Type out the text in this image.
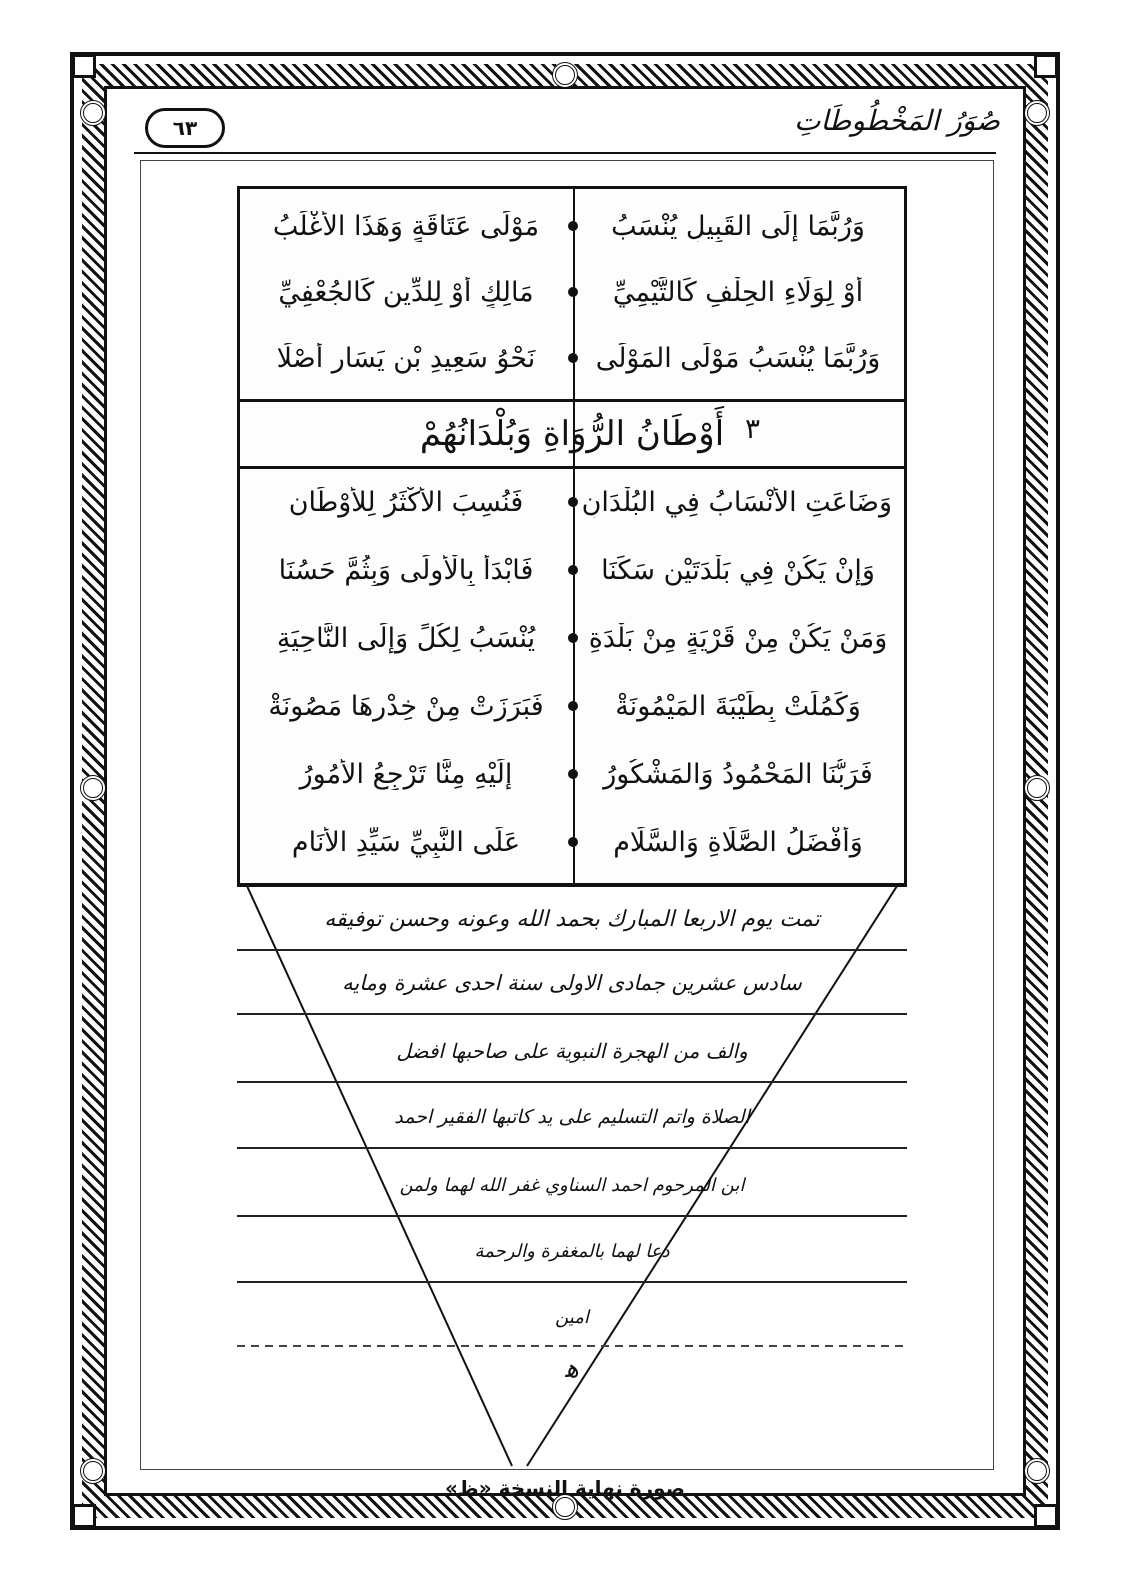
٦٣	صُوَرُ المَخْطُوطَاتِ
وَرُبَّمَا إِلَى القَبِيلِ يُنْسَبُ
مَوْلَى عَتَاقَةٍ وَهَذَا الأَغْلَبُ
أَوْ لِوَلَاءِ الحِلْفِ كَالتَّيْمِيِّ
مَالِكٍ أَوْ لِلدِّينِ كَالجُعْفِيِّ
وَرُبَّمَا يُنْسَبُ مَوْلَى المَوْلَى
نَحْوُ سَعِيدِ بْنِ يَسَارٍ أَصْلَا
أَوْطَانُ الرُّوَاةِ وَبُلْدَانُهُمْ ٣
وَضَاعَتِ الأَنْسَابُ فِي البُلْدَانِ
فَنُسِبَ الأَكْثَرُ لِلأَوْطَانِ
وَإِنْ يَكُنْ فِي بَلْدَتَيْنِ سَكَنَا
فَابْدَأْ بِالْأُولَى وَبِثُمَّ حَسُنَا
وَمَنْ يَكُنْ مِنْ قَرْيَةٍ مِنْ بَلْدَةِ
يُنْسَبُ لِكُلٍّ وَإِلَى النَّاحِيَةِ
وَكَمُلَتْ بِطَيْبَةَ المَيْمُونَةْ
فَبَرَزَتْ مِنْ خِدْرِهَا مَصُونَةْ
فَرَبُّنَا المَحْمُودُ وَالمَشْكُورُ
إِلَيْهِ مِنَّا تَرْجِعُ الأُمُورُ
وَأَفْضَلُ الصَّلَاةِ وَالسَّلَامِ
عَلَى النَّبِيِّ سَيِّدِ الأَنَامِ
تمت يوم الاربعا المبارك بحمد الله وعونه وحسن توفيقه
سادس عشرين جمادى الاولى سنة احدى عشرة ومايه
والف من الهجرة النبوية على صاحبها افضل
الصلاة واتم التسليم على يد كاتبها الفقير احمد
ابن المرحوم احمد السناوي غفر الله لهما ولمن
دعا لهما بالمغفرة والرحمة
امين
ه‍
صورة نهاية النسخة «ظ»
